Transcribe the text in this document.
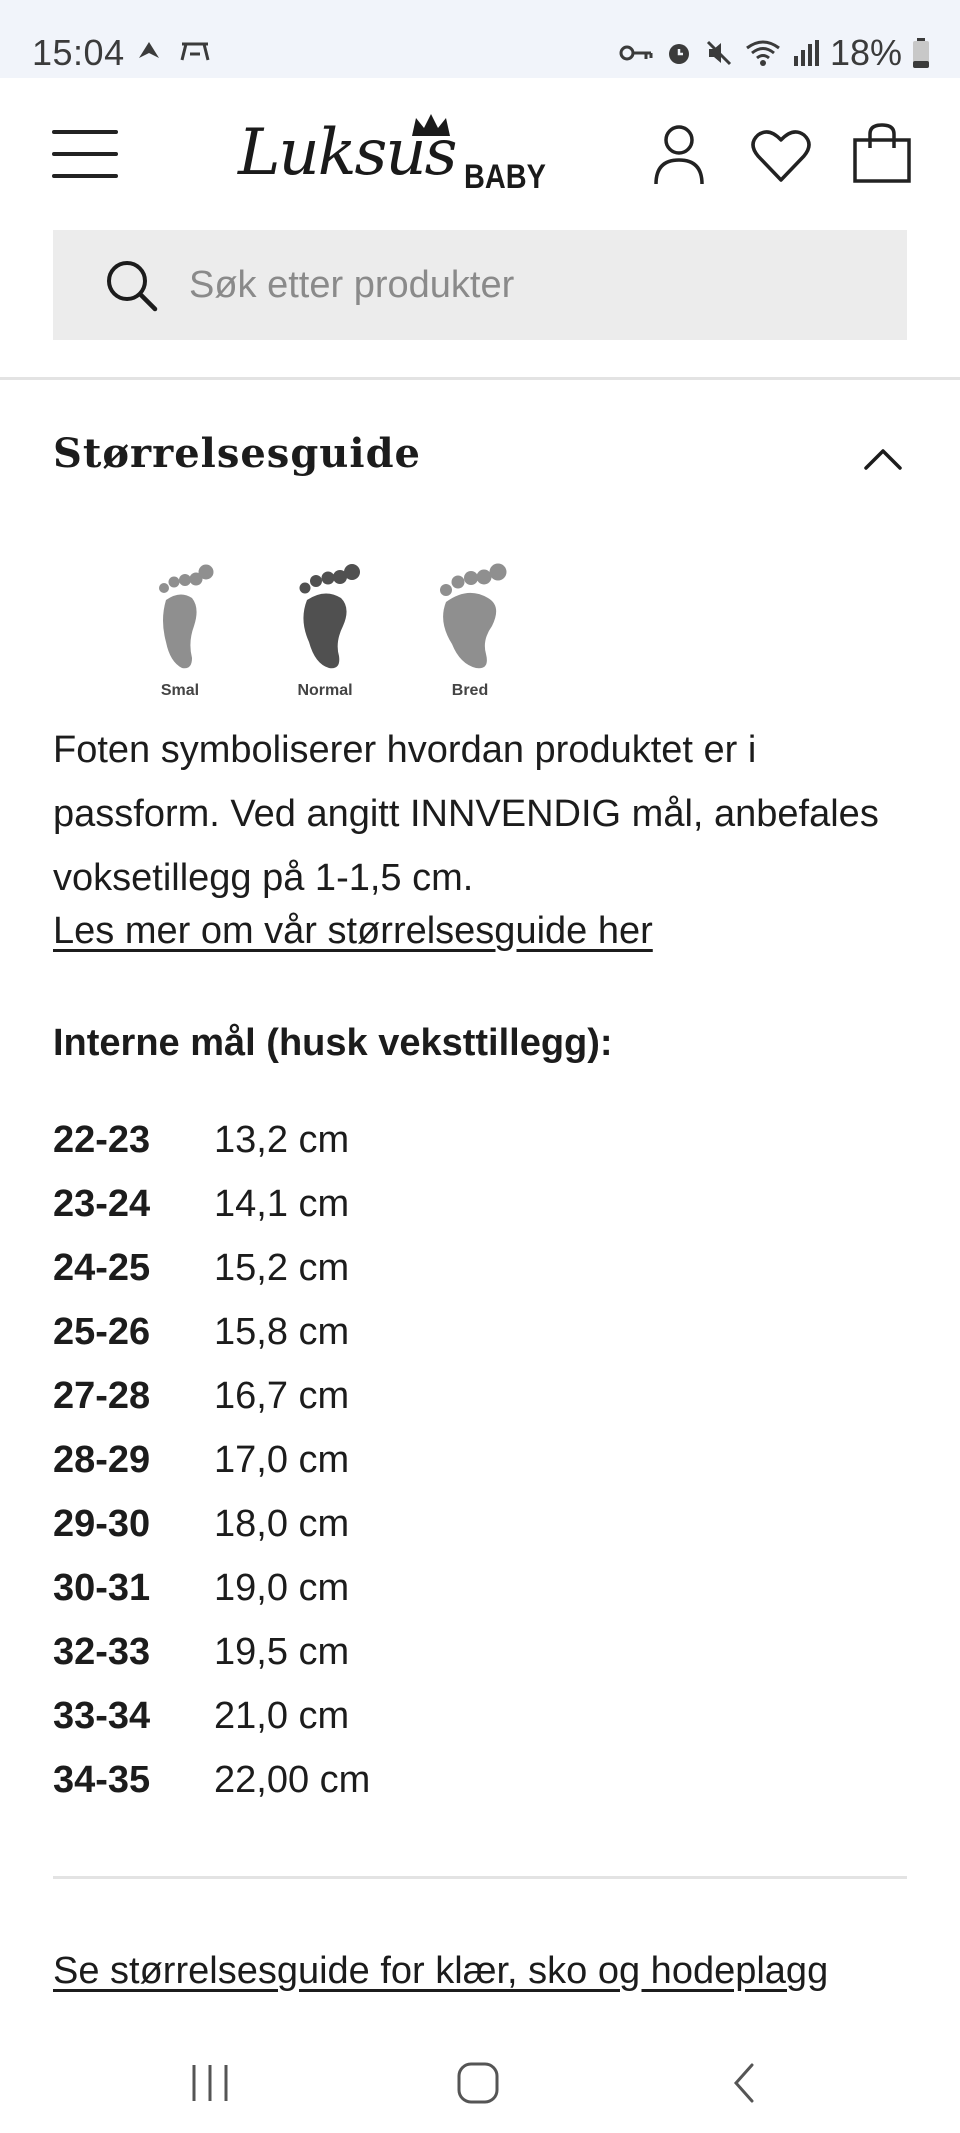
15:04	18%
Luksus BABY
Søk etter produkter
Størrelsesguide
Smal	Normal	Bred

Foten symboliserer hvordan produktet er i passform. Ved angitt INNVENDIG mål, anbefales voksetillegg på 1-1,5 cm.

Les mer om vår størrelsesguide her
Interne mål (husk veksttillegg):
22-23	13,2 cm
23-24	14,1 cm
24-25	15,2 cm
25-26	15,8 cm
27-28	16,7 cm
28-29	17,0 cm
29-30	18,0 cm
30-31	19,0 cm
32-33	19,5 cm
33-34	21,0 cm
34-35	22,00 cm
Se størrelsesguide for klær, sko og hodeplagg
